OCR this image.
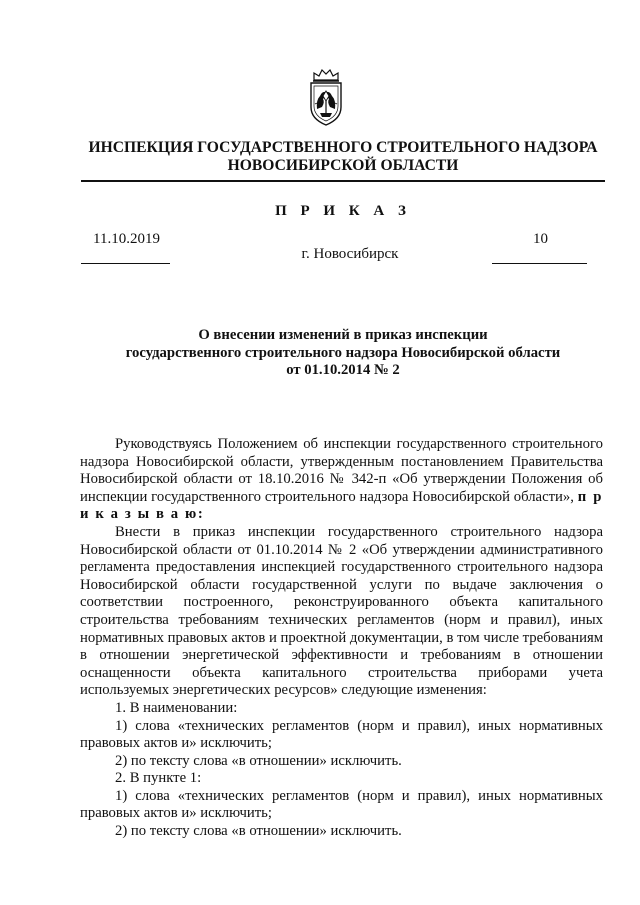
ИНСПЕКЦИЯ ГОСУДАРСТВЕННОГО СТРОИТЕЛЬНОГО НАДЗОРА
НОВОСИБИРСКОЙ ОБЛАСТИ
П Р И К А З
11.10.2019
г. Новосибирск
10
О внесении изменений в приказ инспекции
государственного строительного надзора Новосибирской области
от 01.10.2014 № 2

Руководствуясь Положением об инспекции государственного строительного надзора Новосибирской области, утвержденным постановлением Правительства Новосибирской области от 18.10.2016 № 342-п «Об утверждении Положения об инспекции государственного строительного надзора Новосибирской области», п р и к а з ы в а ю:

Внести в приказ инспекции государственного строительного надзора Новосибирской области от 01.10.2014 № 2 «Об утверждении административного регламента предоставления инспекцией государственного строительного надзора Новосибирской области государственной услуги по выдаче заключения о соответствии построенного, реконструированного объекта капитального строительства требованиям технических регламентов (норм и правил), иных нормативных правовых актов и проектной документации, в том числе требованиям в отношении энергетической эффективности и требованиям в отношении оснащенности объекта капитального строительства приборами учета используемых энергетических ресурсов» следующие изменения:

1. В наименовании:

1) слова «технических регламентов (норм и правил), иных нормативных правовых актов и» исключить;

2) по тексту слова «в отношении» исключить.

2. В пункте 1:

1) слова «технических регламентов (норм и правил), иных нормативных правовых актов и» исключить;

2) по тексту слова «в отношении» исключить.
